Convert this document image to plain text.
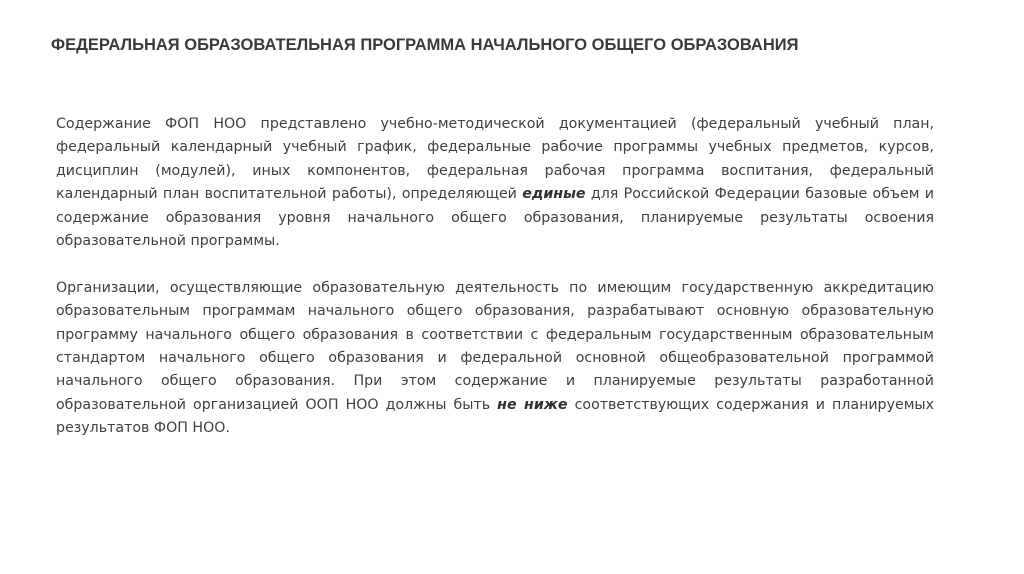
ФЕДЕРАЛЬНАЯ ОБРАЗОВАТЕЛЬНАЯ ПРОГРАММА НАЧАЛЬНОГО ОБЩЕГО ОБРАЗОВАНИЯ

Содержание ФОП НОО представлено учебно-методической документацией (федеральный учебный план, федеральный календарный учебный график, федеральные рабочие программы учебных предметов, курсов, дисциплин (модулей), иных компонентов, федеральная рабочая программа воспитания, федеральный календарный план воспитательной работы), определяющей единые для Российской Федерации базовые объем и содержание образования уровня начального общего образования, планируемые результаты освоения образовательной программы.

Организации, осуществляющие образовательную деятельность по имеющим государственную аккредитацию образовательным программам начального общего образования, разрабатывают основную образовательную программу начального общего образования в соответствии с федеральным государственным образовательным стандартом начального общего образования и федеральной основной общеобразовательной программой начального общего образования. При этом содержание и планируемые результаты разработанной образовательной организацией ООП НОО должны быть не ниже соответствующих содержания и планируемых результатов ФОП НОО.
